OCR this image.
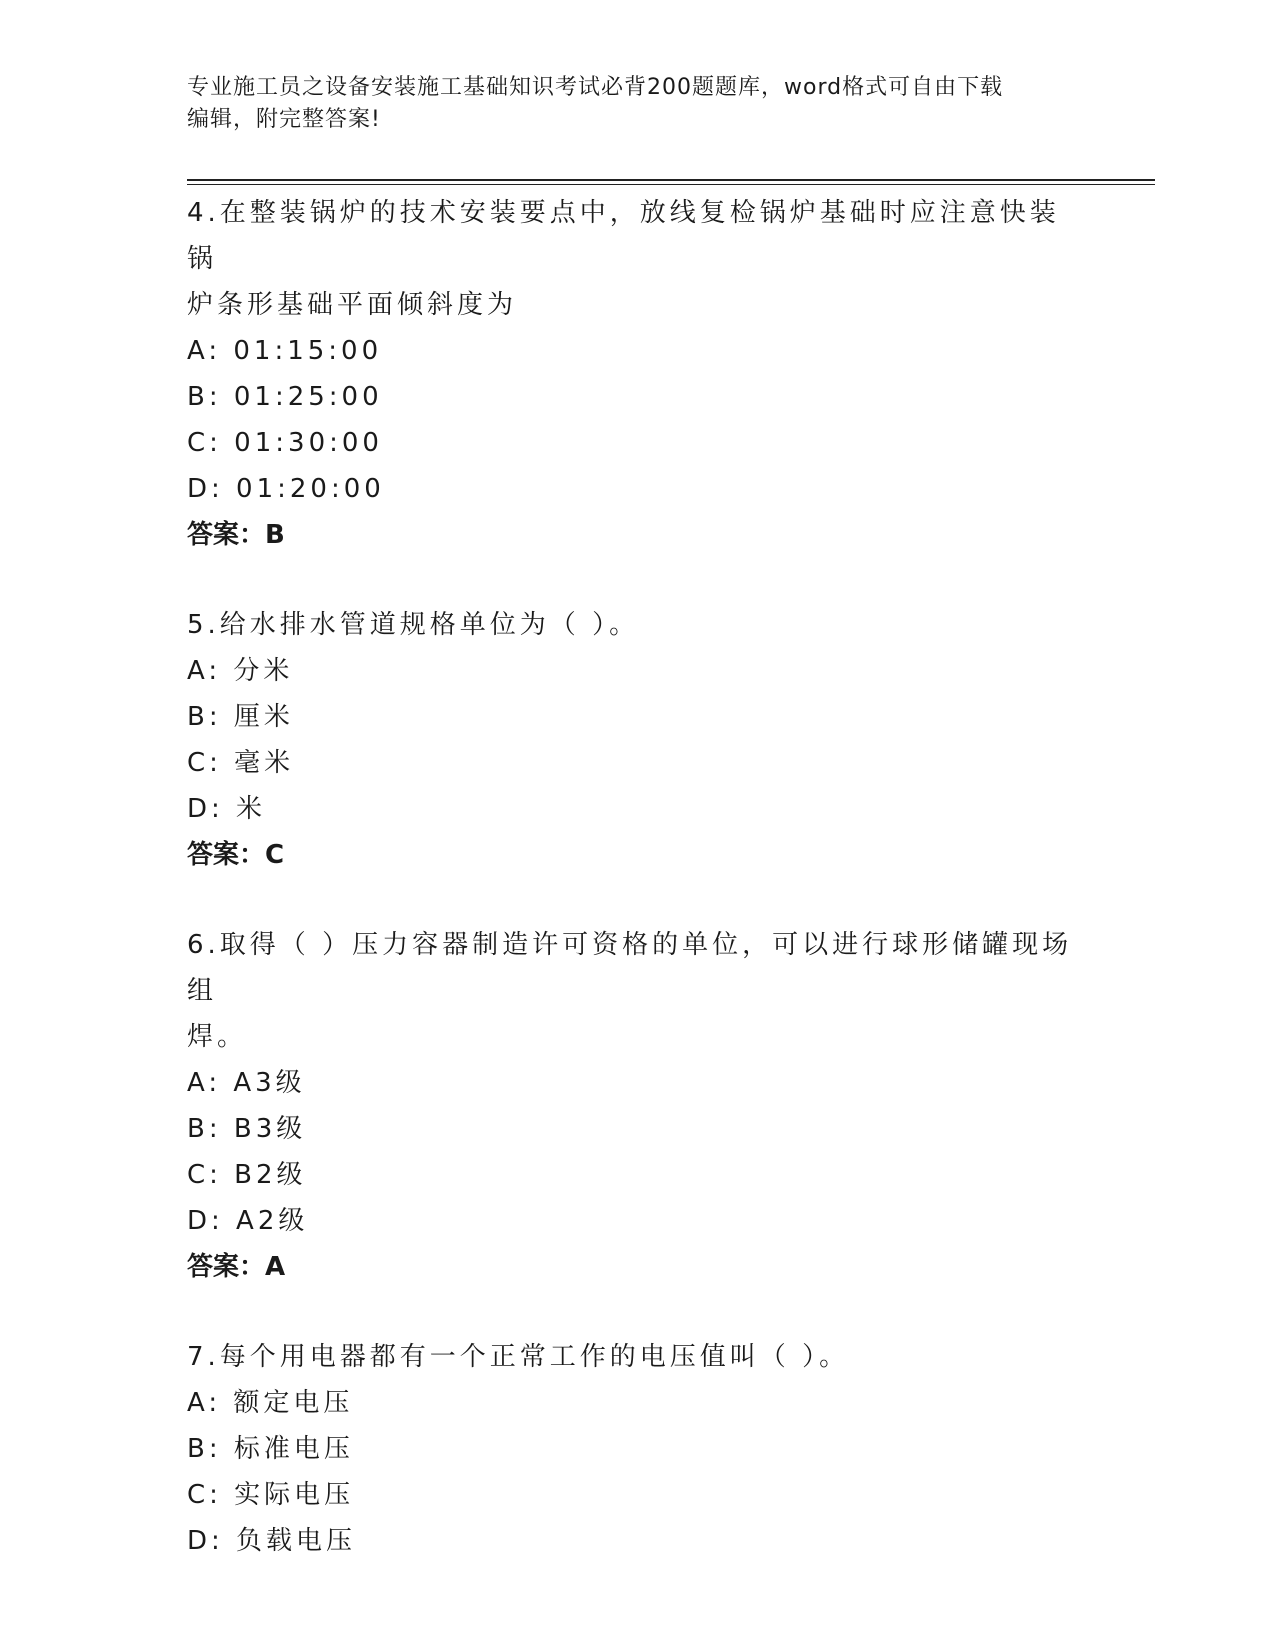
专业施工员之设备安装施工基础知识考试必背200题题库，word格式可自由下载
编辑，附完整答案!

4.在整装锅炉的技术安装要点中，放线复检锅炉基础时应注意快装锅

炉条形基础平面倾斜度为

A: 01:15:00

B: 01:25:00

C: 01:30:00

D: 01:20:00

答案：B

5.给水排水管道规格单位为（ ）。

A: 分米

B: 厘米

C: 毫米

D: 米

答案：C

6.取得（ ）压力容器制造许可资格的单位，可以进行球形储罐现场组

焊。

A: A3级

B: B3级

C: B2级

D: A2级

答案：A

7.每个用电器都有一个正常工作的电压值叫（ ）。

A: 额定电压

B: 标准电压

C: 实际电压

D: 负载电压
